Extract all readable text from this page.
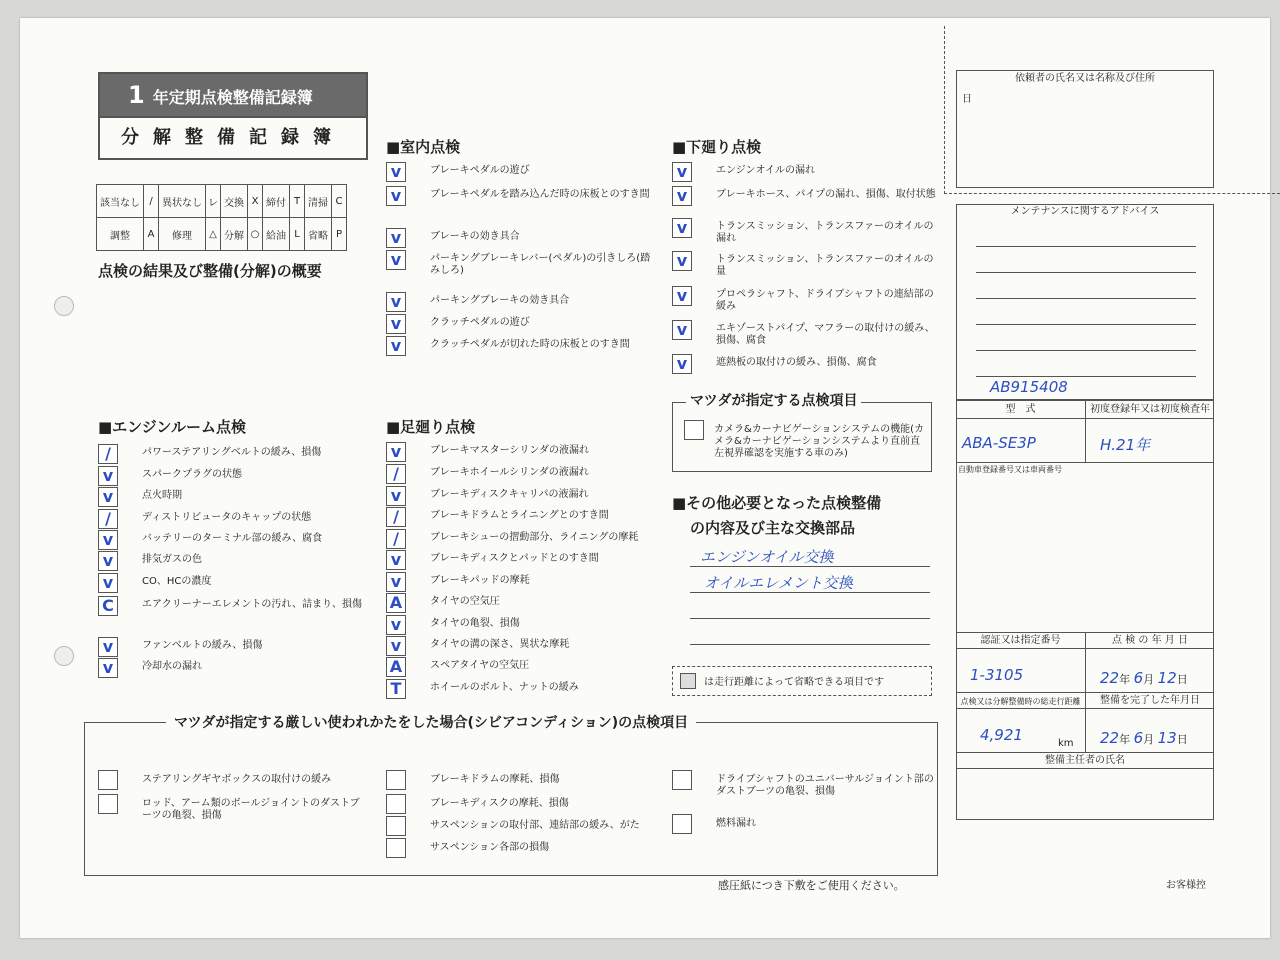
1 年定期点検整備記録簿
分解整備記録簿
該当なし	/	異状なし	レ	交換	X	締付	T	清掃	C
調整	A	修理	△	分解	○	給油	L	省略	P
点検の結果及び整備(分解)の概要
■エンジンルーム点検
■室内点検
■足廻り点検
■下廻り点検
/	パワーステアリングベルトの緩み、損傷
v	スパークプラグの状態
v	点火時期
/	ディストリビュータのキャップの状態
v	バッテリーのターミナル部の緩み、腐食
v	排気ガスの色
v	CO、HCの濃度
C	エアクリーナーエレメントの汚れ、詰まり、損傷
v	ファンベルトの緩み、損傷
v	冷却水の漏れ
v	ブレーキペダルの遊び
v	ブレーキペダルを踏み込んだ時の床板とのすき間
v	ブレーキの効き具合
v	パーキングブレーキレバー(ペダル)の引きしろ(踏みしろ)
v	パーキングブレーキの効き具合
v	クラッチペダルの遊び
v	クラッチペダルが切れた時の床板とのすき間
v	ブレーキマスターシリンダの液漏れ
/	ブレーキホイールシリンダの液漏れ
v	ブレーキディスクキャリパの液漏れ
/	ブレーキドラムとライニングとのすき間
/	ブレーキシューの摺動部分、ライニングの摩耗
v	ブレーキディスクとパッドとのすき間
v	ブレーキパッドの摩耗
A	タイヤの空気圧
v	タイヤの亀裂、損傷
v	タイヤの溝の深さ、異状な摩耗
A	スペアタイヤの空気圧
T	ホイールのボルト、ナットの緩み
v	エンジンオイルの漏れ
v	ブレーキホース、パイプの漏れ、損傷、取付状態
v	トランスミッション、トランスファーのオイルの漏れ
v	トランスミッション、トランスファーのオイルの量
v	プロペラシャフト、ドライブシャフトの連結部の緩み
v	エキゾーストパイプ、マフラーの取付けの緩み、損傷、腐食
v	遮熱板の取付けの緩み、損傷、腐食
マツダが指定する点検項目
カメラ&カーナビゲーションシステムの機能(カメラ&カーナビゲーションシステムより直前直左視界確認を実施する車のみ)
■その他必要となった点検整備
の内容及び主な交換部品
エンジンオイル交換
オイルエレメント交換
は走行距離によって省略できる項目です
マツダが指定する厳しい使われかたをした場合(シビアコンディション)の点検項目
ステアリングギヤボックスの取付けの緩み
ロッド、アーム類のボールジョイントのダストブーツの亀裂、損傷
ブレーキドラムの摩耗、損傷
ブレーキディスクの摩耗、損傷
サスペンションの取付部、連結部の緩み、がた
サスペンション各部の損傷
ドライブシャフトのユニバーサルジョイント部のダストブーツの亀裂、損傷
燃料漏れ
依頼者の氏名又は名称及び住所
日
メンテナンスに関するアドバイス
AB915408
型　式	初度登録年又は初度検査年
ABA-SE3P	H.21年
自動車登録番号又は車両番号
認証又は指定番号	点 検 の 年 月 日
1-3105	22年 6月 12日
点検又は分解整備時の総走行距離	整備を完了した年月日
4,921	km 22年 6月 13日
整備主任者の氏名
感圧紙につき下敷をご使用ください。	お客様控
